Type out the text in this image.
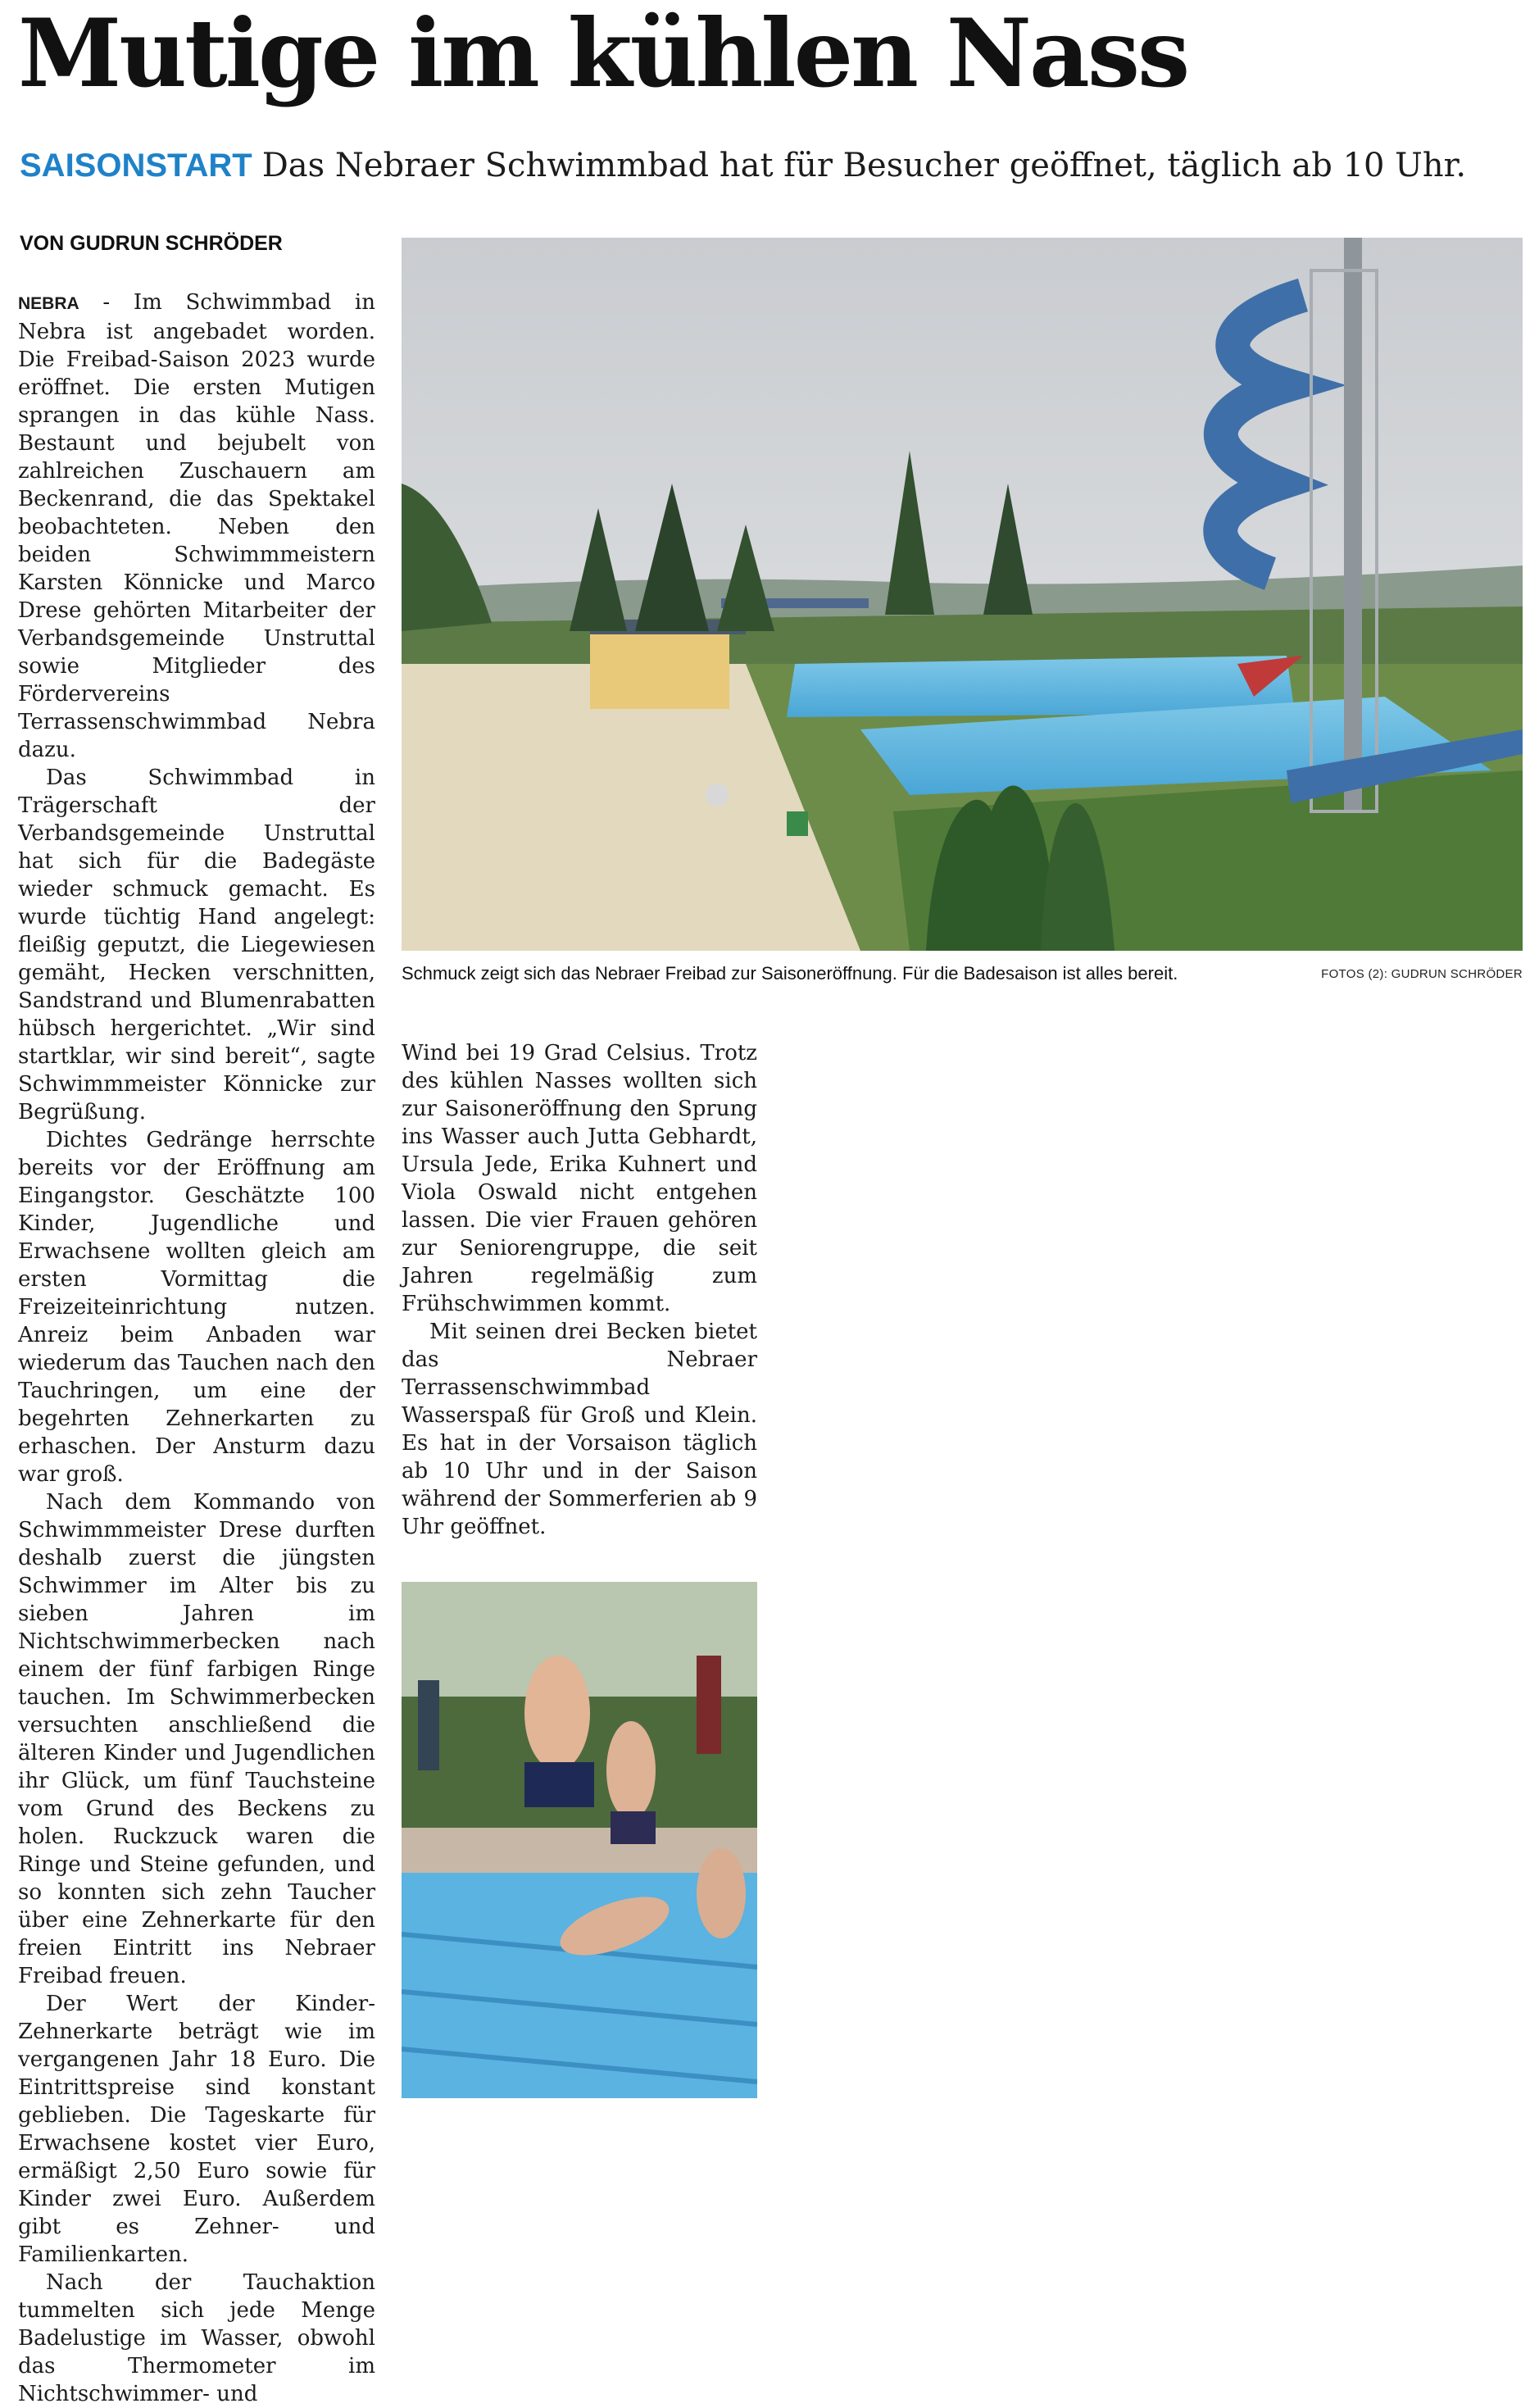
Mutige im kühlen Nass
SAISONSTART Das Nebraer Schwimmbad hat für Besucher geöffnet, täglich ab 10 Uhr.
VON GUDRUN SCHRÖDER

NEBRA - Im Schwimmbad in Nebra ist angebadet worden. Die Freibad-Saison 2023 wurde eröffnet. Die ersten Mutigen sprangen in das kühle Nass. Bestaunt und bejubelt von zahlreichen Zuschauern am Beckenrand, die das Spektakel beobachteten. Neben den beiden Schwimmmeistern Karsten Könnicke und Marco Drese gehörten Mitarbeiter der Verbandsgemeinde Unstruttal sowie Mitglieder des Fördervereins Terrassenschwimmbad Nebra dazu.

Das Schwimmbad in Trägerschaft der Verbandsgemeinde Unstruttal hat sich für die Badegäste wieder schmuck gemacht. Es wurde tüchtig Hand angelegt: fleißig geputzt, die Liegewiesen gemäht, Hecken verschnitten, Sandstrand und Blumenrabatten hübsch hergerichtet. „Wir sind startklar, wir sind bereit“, sagte Schwimmmeister Könnicke zur Begrüßung.

Dichtes Gedränge herrschte bereits vor der Eröffnung am Eingangstor. Geschätzte 100 Kinder, Jugendliche und Erwachsene wollten gleich am ersten Vormittag die Freizeiteinrichtung nutzen. Anreiz beim Anbaden war wiederum das Tauchen nach den Tauchringen, um eine der begehrten Zehnerkarten zu erhaschen. Der Ansturm dazu war groß.

Nach dem Kommando von Schwimmmeister Drese durften deshalb zuerst die jüngsten Schwimmer im Alter bis zu sieben Jahren im Nichtschwimmerbecken nach einem der fünf farbigen Ringe tauchen. Im Schwimmerbecken versuchten anschließend die älteren Kinder und Jugendlichen ihr Glück, um fünf Tauchsteine vom Grund des Beckens zu holen. Ruckzuck waren die Ringe und Steine gefunden, und so konnten sich zehn Taucher über eine Zehnerkarte für den freien Eintritt ins Nebraer Freibad freuen.

Der Wert der Kinder-Zehnerkarte beträgt wie im vergangenen Jahr 18 Euro. Die Eintrittspreise sind konstant geblieben. Die Tageskarte für Erwachsene kostet vier Euro, ermäßigt 2,50 Euro sowie für Kinder zwei Euro. Außerdem gibt es Zehner- und Familienkarten.

Nach der Tauchaktion tummelten sich jede Menge Badelustige im Wasser, obwohl das Thermometer im Nichtschwimmer- und

Schmuck zeigt sich das Nebraer Freibad zur Saisoneröffnung. Für die Badesaison ist alles bereit.	FOTOS (2): GUDRUN SCHRÖDER

Wind bei 19 Grad Celsius. Trotz des kühlen Nasses wollten sich zur Saisoneröffnung den Sprung ins Wasser auch Jutta Gebhardt, Ursula Jede, Erika Kuhnert und Viola Oswald nicht entgehen lassen. Die vier Frauen gehören zur Seniorengruppe, die seit Jahren regelmäßig zum Frühschwimmen kommt.

Mit seinen drei Becken bietet das Nebraer Terrassenschwimmbad Wasserspaß für Groß und Klein. Es hat in der Vorsaison täglich ab 10 Uhr und in der Saison während der Sommerferien ab 9 Uhr geöffnet.
